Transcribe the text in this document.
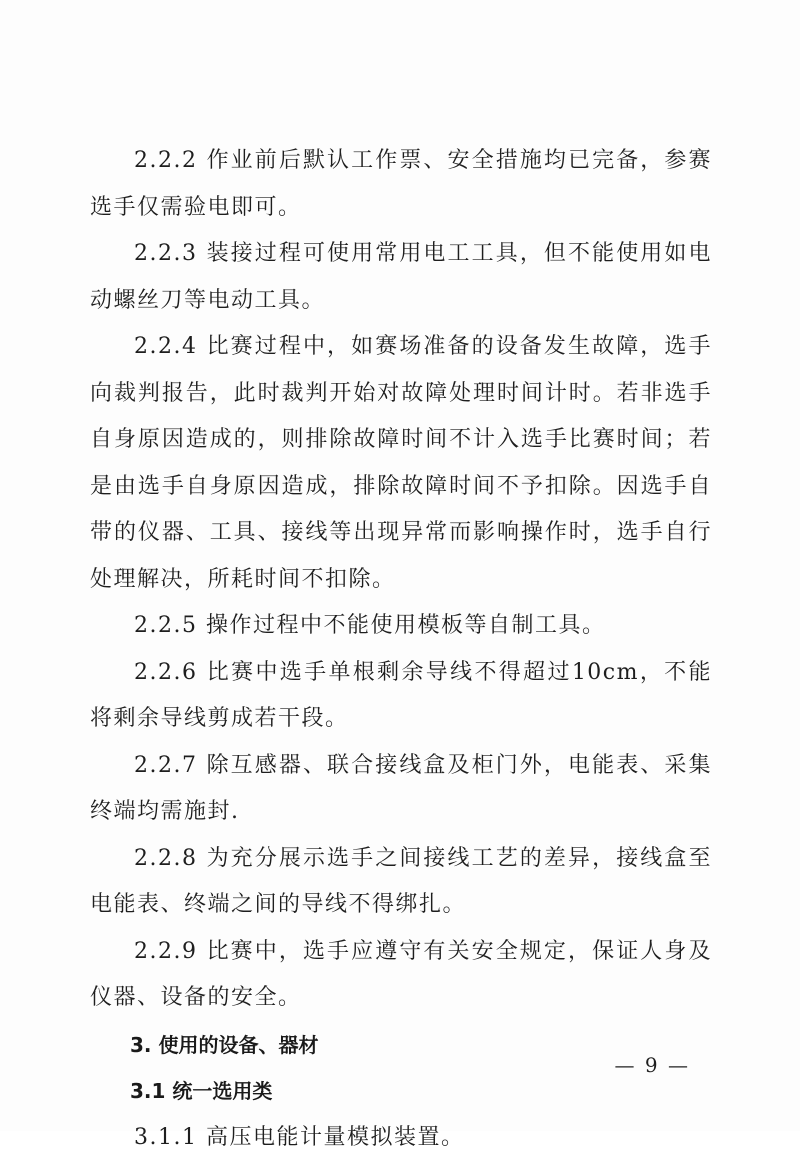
2.2.2 作业前后默认工作票、安全措施均已完备，参赛选手仅需验电即可。

2.2.3 装接过程可使用常用电工工具，但不能使用如电动螺丝刀等电动工具。

2.2.4 比赛过程中，如赛场准备的设备发生故障，选手向裁判报告，此时裁判开始对故障处理时间计时。若非选手自身原因造成的，则排除故障时间不计入选手比赛时间；若是由选手自身原因造成，排除故障时间不予扣除。因选手自带的仪器、工具、接线等出现异常而影响操作时，选手自行处理解决，所耗时间不扣除。

2.2.5 操作过程中不能使用模板等自制工具。

2.2.6 比赛中选手单根剩余导线不得超过10cm，不能将剩余导线剪成若干段。

2.2.7 除互感器、联合接线盒及柜门外，电能表、采集终端均需施封.

2.2.8 为充分展示选手之间接线工艺的差异，接线盒至电能表、终端之间的导线不得绑扎。

2.2.9 比赛中，选手应遵守有关安全规定，保证人身及仪器、设备的安全。

3. 使用的设备、器材

3.1 统一选用类

3.1.1 高压电能计量模拟装置。

— 9 —
